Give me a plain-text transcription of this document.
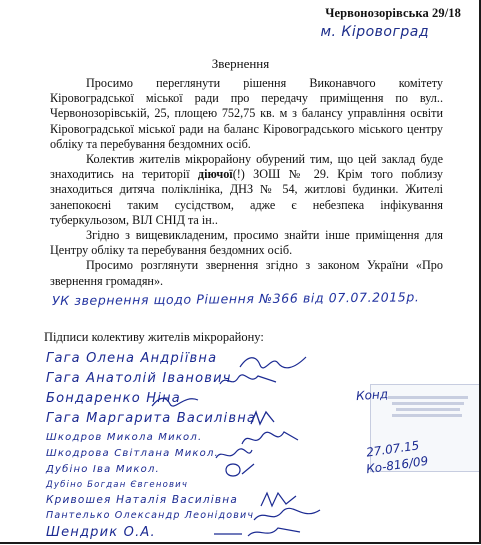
Червонозорівська 29/18
м. Кіровоград
Звернення

Просимо переглянути рішення Виконавчого комітету Кіровоградської міської ради про передачу приміщення по вул.. Червонозорівській, 25, площею 752,75 кв. м з балансу управління освіти Кіровоградської міської ради на баланс Кіровоградського міського центру обліку та перебування бездомних осіб.

Колектив жителів мікрорайону обурений тим, що цей заклад буде знаходитись на території діючої(!) ЗОШ № 29. Крім того поблизу знаходиться дитяча поліклініка, ДНЗ № 54, житлові будинки. Жителі занепокоєні таким сусідством, адже є небезпека інфікування туберкульозом, ВІЛ СНІД та ін..

Згідно з вищевикладеним, просимо знайти інше приміщення для Центру обліку та перебування бездомних осіб.

Просимо розглянути звернення згідно з законом України «Про звернення громадян».

УК звернення щодо Рішення №366 від 07.07.2015р.
Підписи колективу жителів мікрорайону:
Гага Олена Андріївна
Гага Анатолій Іванович
Бондаренко Ніна
Гага Маргарита Василівна
Шкодров Микола Микол.
Шкодрова Світлана Микол.
Дубіно Іва Микол.
Дубіно Богдан Євгенович
Кривошея Наталія Василівна
Пантелько Олександр Леонідович
Шендрик О.А.
Конд
27.07.15
Ко-816/09
